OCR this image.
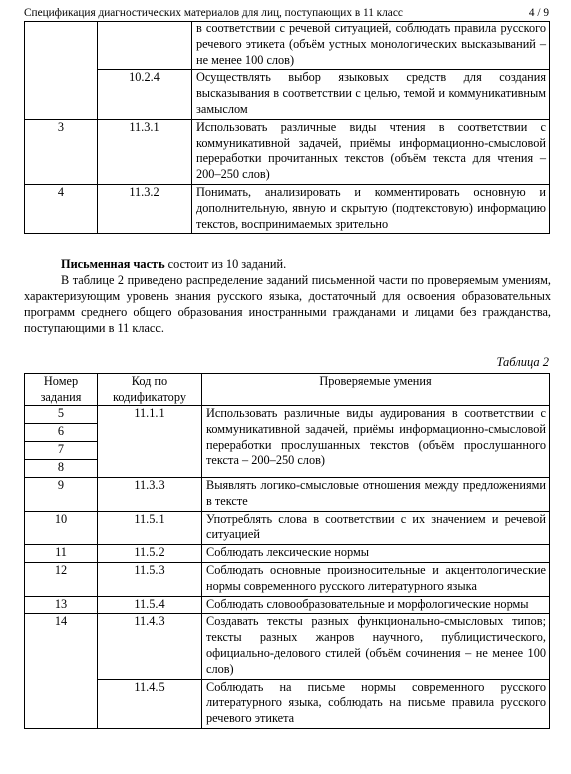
Спецификация диагностических материалов для лиц, поступающих в 11 класс	4 / 9
		в соответствии с речевой ситуацией, соблюдать правила русского речевого этикета (объём устных монологических высказываний – не менее 100 слов)
	10.2.4	Осуществлять выбор языковых средств для создания высказывания в соответствии с целью, темой и коммуникативным замыслом
3	11.3.1	Использовать различные виды чтения в соответствии с коммуникативной задачей, приёмы информационно-смысловой переработки прочитанных текстов (объём текста для чтения – 200–250 слов)
4	11.3.2	Понимать, анализировать и комментировать основную и дополнительную, явную и скрытую (подтекстовую) информацию текстов, воспринимаемых зрительно

Письменная часть состоит из 10 заданий.

В таблице 2 приведено распределение заданий письменной части по проверяемым умениям, характеризующим уровень знания русского языка, достаточный для освоения образовательных программ среднего общего образования иностранными гражданами и лицами без гражданства, поступающими в 11 класс.

Таблица 2
Номер задания	Код по кодификатору	Проверяемые умения
5	11.1.1	Использовать различные виды аудирования в соответствии с коммуникативной задачей, приёмы информационно-смысловой переработки прослушанных текстов (объём прослушанного текста – 200–250 слов)
6		
7		
8		
9	11.3.3	Выявлять логико-смысловые отношения между предложениями в тексте
10	11.5.1	Употреблять слова в соответствии с их значением и речевой ситуацией
11	11.5.2	Соблюдать лексические нормы
12	11.5.3	Соблюдать основные произносительные и акцентологические нормы современного русского литературного языка
13	11.5.4	Соблюдать словообразовательные и морфологические нормы
14	11.4.3	Создавать тексты разных функционально-смысловых типов; тексты разных жанров научного, публицистического, официально-делового стилей (объём сочинения – не менее 100 слов)
	11.4.5	Соблюдать на письме нормы современного русского литературного языка, соблюдать на письме правила русского речевого этикета
